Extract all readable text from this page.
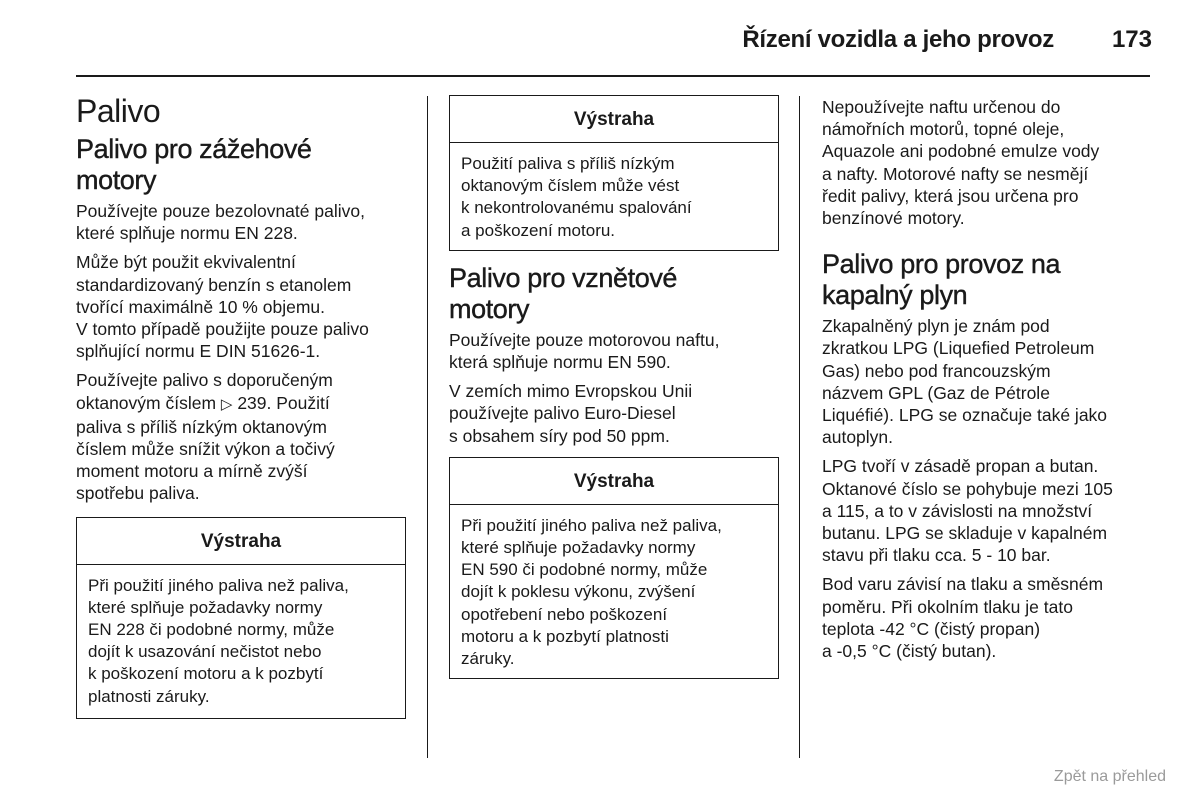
Řízení vozidla a jeho provoz 173
Palivo
Palivo pro zážehové
motory

Používejte pouze bezolovnaté palivo,
které splňuje normu EN 228.

Může být použit ekvivalentní
standardizovaný benzín s etanolem
tvořící maximálně 10 % objemu.
V tomto případě použijte pouze palivo
splňující normu E DIN 51626-1.

Používejte palivo s doporučeným
oktanovým číslem ▷ 239. Použití
paliva s příliš nízkým oktanovým
číslem může snížit výkon a točivý
moment motoru a mírně zvýší
spotřebu paliva.

Výstraha

Při použití jiného paliva než paliva,
které splňuje požadavky normy
EN 228 či podobné normy, může
dojít k usazování nečistot nebo
k poškození motoru a k pozbytí
platnosti záruky.

Výstraha

Použití paliva s příliš nízkým
oktanovým číslem může vést
k nekontrolovanému spalování
a poškození motoru.

Palivo pro vznětové
motory

Používejte pouze motorovou naftu,
která splňuje normu EN 590.

V zemích mimo Evropskou Unii
používejte palivo Euro-Diesel
s obsahem síry pod 50 ppm.

Výstraha

Při použití jiného paliva než paliva,
které splňuje požadavky normy
EN 590 či podobné normy, může
dojít k poklesu výkonu, zvýšení
opotřebení nebo poškození
motoru a k pozbytí platnosti
záruky.

Nepoužívejte naftu určenou do
námořních motorů, topné oleje,
Aquazole ani podobné emulze vody
a nafty. Motorové nafty se nesmějí
ředit palivy, která jsou určena pro
benzínové motory.

Palivo pro provoz na
kapalný plyn

Zkapalněný plyn je znám pod
zkratkou LPG (Liquefied Petroleum
Gas) nebo pod francouzským
názvem GPL (Gaz de Pétrole
Liquéfié). LPG se označuje také jako
autoplyn.

LPG tvoří v zásadě propan a butan.
Oktanové číslo se pohybuje mezi 105
a 115, a to v závislosti na množství
butanu. LPG se skladuje v kapalném
stavu při tlaku cca. 5 - 10 bar.

Bod varu závisí na tlaku a směsném
poměru. Při okolním tlaku je tato
teplota -42 °C (čistý propan)
a -0,5 °C (čistý butan).

Zpět na přehled
